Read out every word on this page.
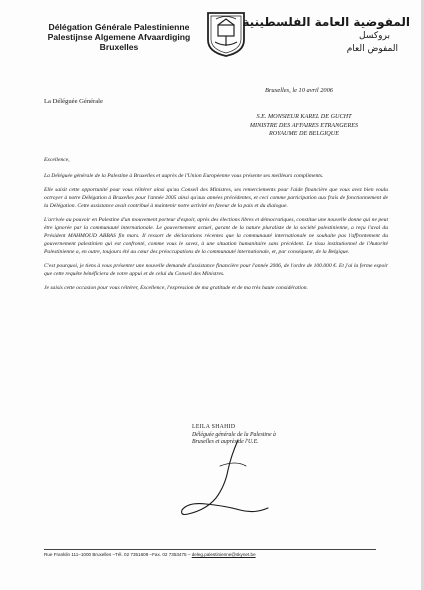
Délégation Générale Palestinienne
Palestijnse Algemene Afvaardiging
Bruxelles
المفوضية العامة الفلسطينية
بروكسل
المفوض العام
Bruxelles, le 10 avril 2006
La Déléguée Générale
S.E. MONSIEUR KAREL DE GUCHT
MINISTRE DES AFFAIRES ETRANGERES
ROYAUME DE BELGIQUE

Excellence,

La Déléguée générale de la Palestine à Bruxelles et auprès de l'Union Européenne vous présente ses meilleurs compliments.

Elle saisit cette opportunité pour vous réitérer ainsi qu'au Conseil des Ministres, ses remerciements pour l'aide financière que vous avez bien voulu octroyer à notre Délégation à Bruxelles pour l'année 2005 ainsi qu'aux années précédentes, et ceci comme participation aux frais de fonctionnement de la Délégation. Cette assistance avait contribué à maintenir notre activité en faveur de la paix et du dialogue.

L'arrivée au pouvoir en Palestine d'un mouvement porteur d'espoir, après des élections libres et démocratiques, constitue une nouvelle donne qui ne peut être ignorée par la communauté internationale. Le gouvernement actuel, garant de la nature pluraliste de la société palestinienne, a reçu l'aval du Président MAHMOUD ABBAS fin mars. Il ressort de déclarations récentes que la communauté internationale ne souhaite pas l'affrontement du gouvernement palestinien qui est confronté, comme vous le savez, à une situation humanitaire sans précédent. Le tissu institutionnel de l'Autorité Palestinienne a, en outre, toujours été au cœur des préoccupations de la communauté internationale, et, par conséquent, de la Belgique.

C'est pourquoi, je tiens à vous présenter une nouvelle demande d'assistance financière pour l'année 2006, de l'ordre de 100.000 €. Et j'ai la ferme espoir que cette requête bénéficiera de votre appui et de celui du Conseil des Ministres.

Je saisis cette occasion pour vous réitérer, Excellence, l'expression de ma gratitude et de ma très haute considération.

LEILA SHAHID
Déléguée générale de la Palestine à
Bruxelles et auprès de l'U.E.
Rue Franklin 111–1000 Bruxelles –Tél. 02 7351609 –Fax. 02 7353475 – deleg.palestinienne@skynet.be
